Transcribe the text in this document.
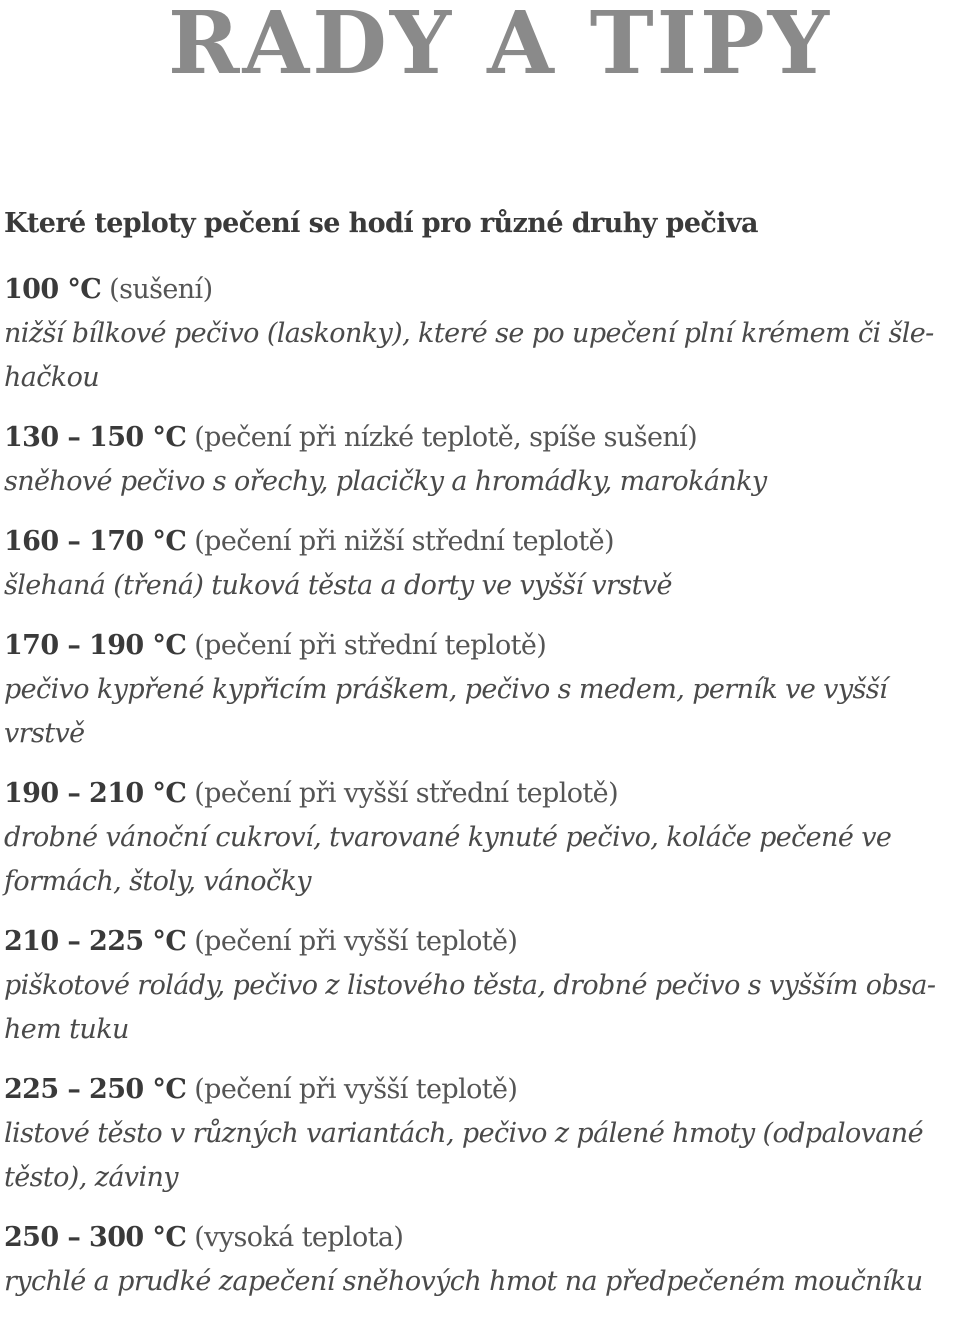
RADY A TIPY
Které teploty pečení se hodí pro různé druhy pečiva
100 °C (sušení)
nižší bílkové pečivo (laskonky), které se po upečení plní krémem či šle-
hačkou
130 – 150 °C (pečení při nízké teplotě, spíše sušení)
sněhové pečivo s ořechy, placičky a hromádky, marokánky
160 – 170 °C (pečení při nižší střední teplotě)
šlehaná (třená) tuková těsta a dorty ve vyšší vrstvě
170 – 190 °C (pečení při střední teplotě)
pečivo kypřené kypřicím práškem, pečivo s medem, perník ve vyšší
vrstvě
190 – 210 °C (pečení při vyšší střední teplotě)
drobné vánoční cukroví, tvarované kynuté pečivo, koláče pečené ve
formách, štoly, vánočky
210 – 225 °C (pečení při vyšší teplotě)
piškotové rolády, pečivo z listového těsta, drobné pečivo s vyšším obsa-
hem tuku
225 – 250 °C (pečení při vyšší teplotě)
listové těsto v různých variantách, pečivo z pálené hmoty (odpalované
těsto), záviny
250 – 300 °C (vysoká teplota)
rychlé a prudké zapečení sněhových hmot na předpečeném moučníku
